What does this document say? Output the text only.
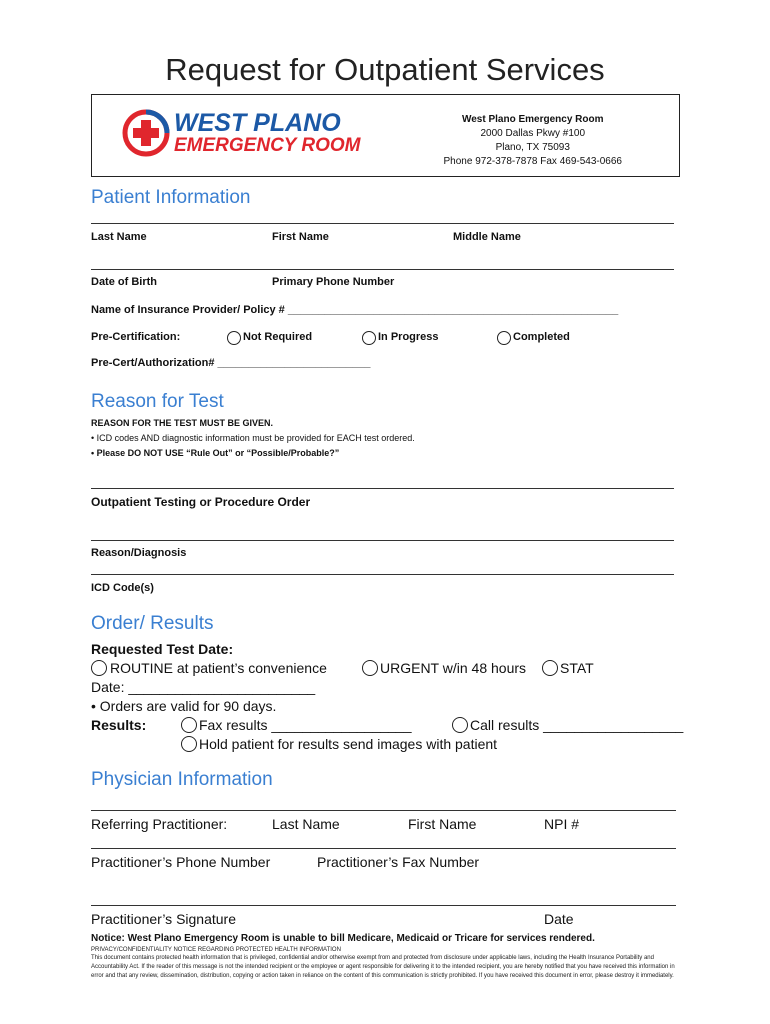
Request for Outpatient Services
WEST PLANO
EMERGENCY ROOM
West Plano Emergency Room
2000 Dallas Pkwy #100
Plano, TX 75093
Phone 972-378-7878 Fax 469-543-0666
Patient Information
Last Name	First Name	Middle Name
Date of Birth	Primary Phone Number
Name of Insurance Provider/ Policy # ______________________________________________________
Pre-Certification:	Not Required	In Progress	Completed
Pre-Cert/Authorization# _________________________
Reason for Test
REASON FOR THE TEST MUST BE GIVEN.
• ICD codes AND diagnostic information must be provided for EACH test ordered.
• Please DO NOT USE “Rule Out” or “Possible/Probable?”
Outpatient Testing or Procedure Order
Reason/Diagnosis
ICD Code(s)
Order/ Results
Requested Test Date:
ROUTINE at patient’s convenience	URGENT w/in 48 hours STAT
Date: ________________________
• Orders are valid for 90 days.
Results:	Fax results __________________	Call results __________________
Hold patient for results send images with patient
Physician Information
Referring Practitioner:	Last Name	First Name	NPI #
Practitioner’s Phone Number	Practitioner’s Fax Number
Practitioner’s Signature	Date
Notice: West Plano Emergency Room is unable to bill Medicare, Medicaid or Tricare for services rendered.
PRIVACY/CONFIDENTIALITY NOTICE REGARDING PROTECTED HEALTH INFORMATION
This document contains protected health information that is privileged, confidential and/or otherwise exempt from and protected from disclosure under applicable laws, including the Health Insurance Portability and Accountability Act. If the reader of this message is not the intended recipient or the employee or agent responsible for delivering it to the intended recipient, you are hereby notified that you have received this information in error and that any review, dissemination, distribution, copying or action taken in reliance on the content of this communication is strictly prohibited. If you have received this document in error, please destroy it immediately.
